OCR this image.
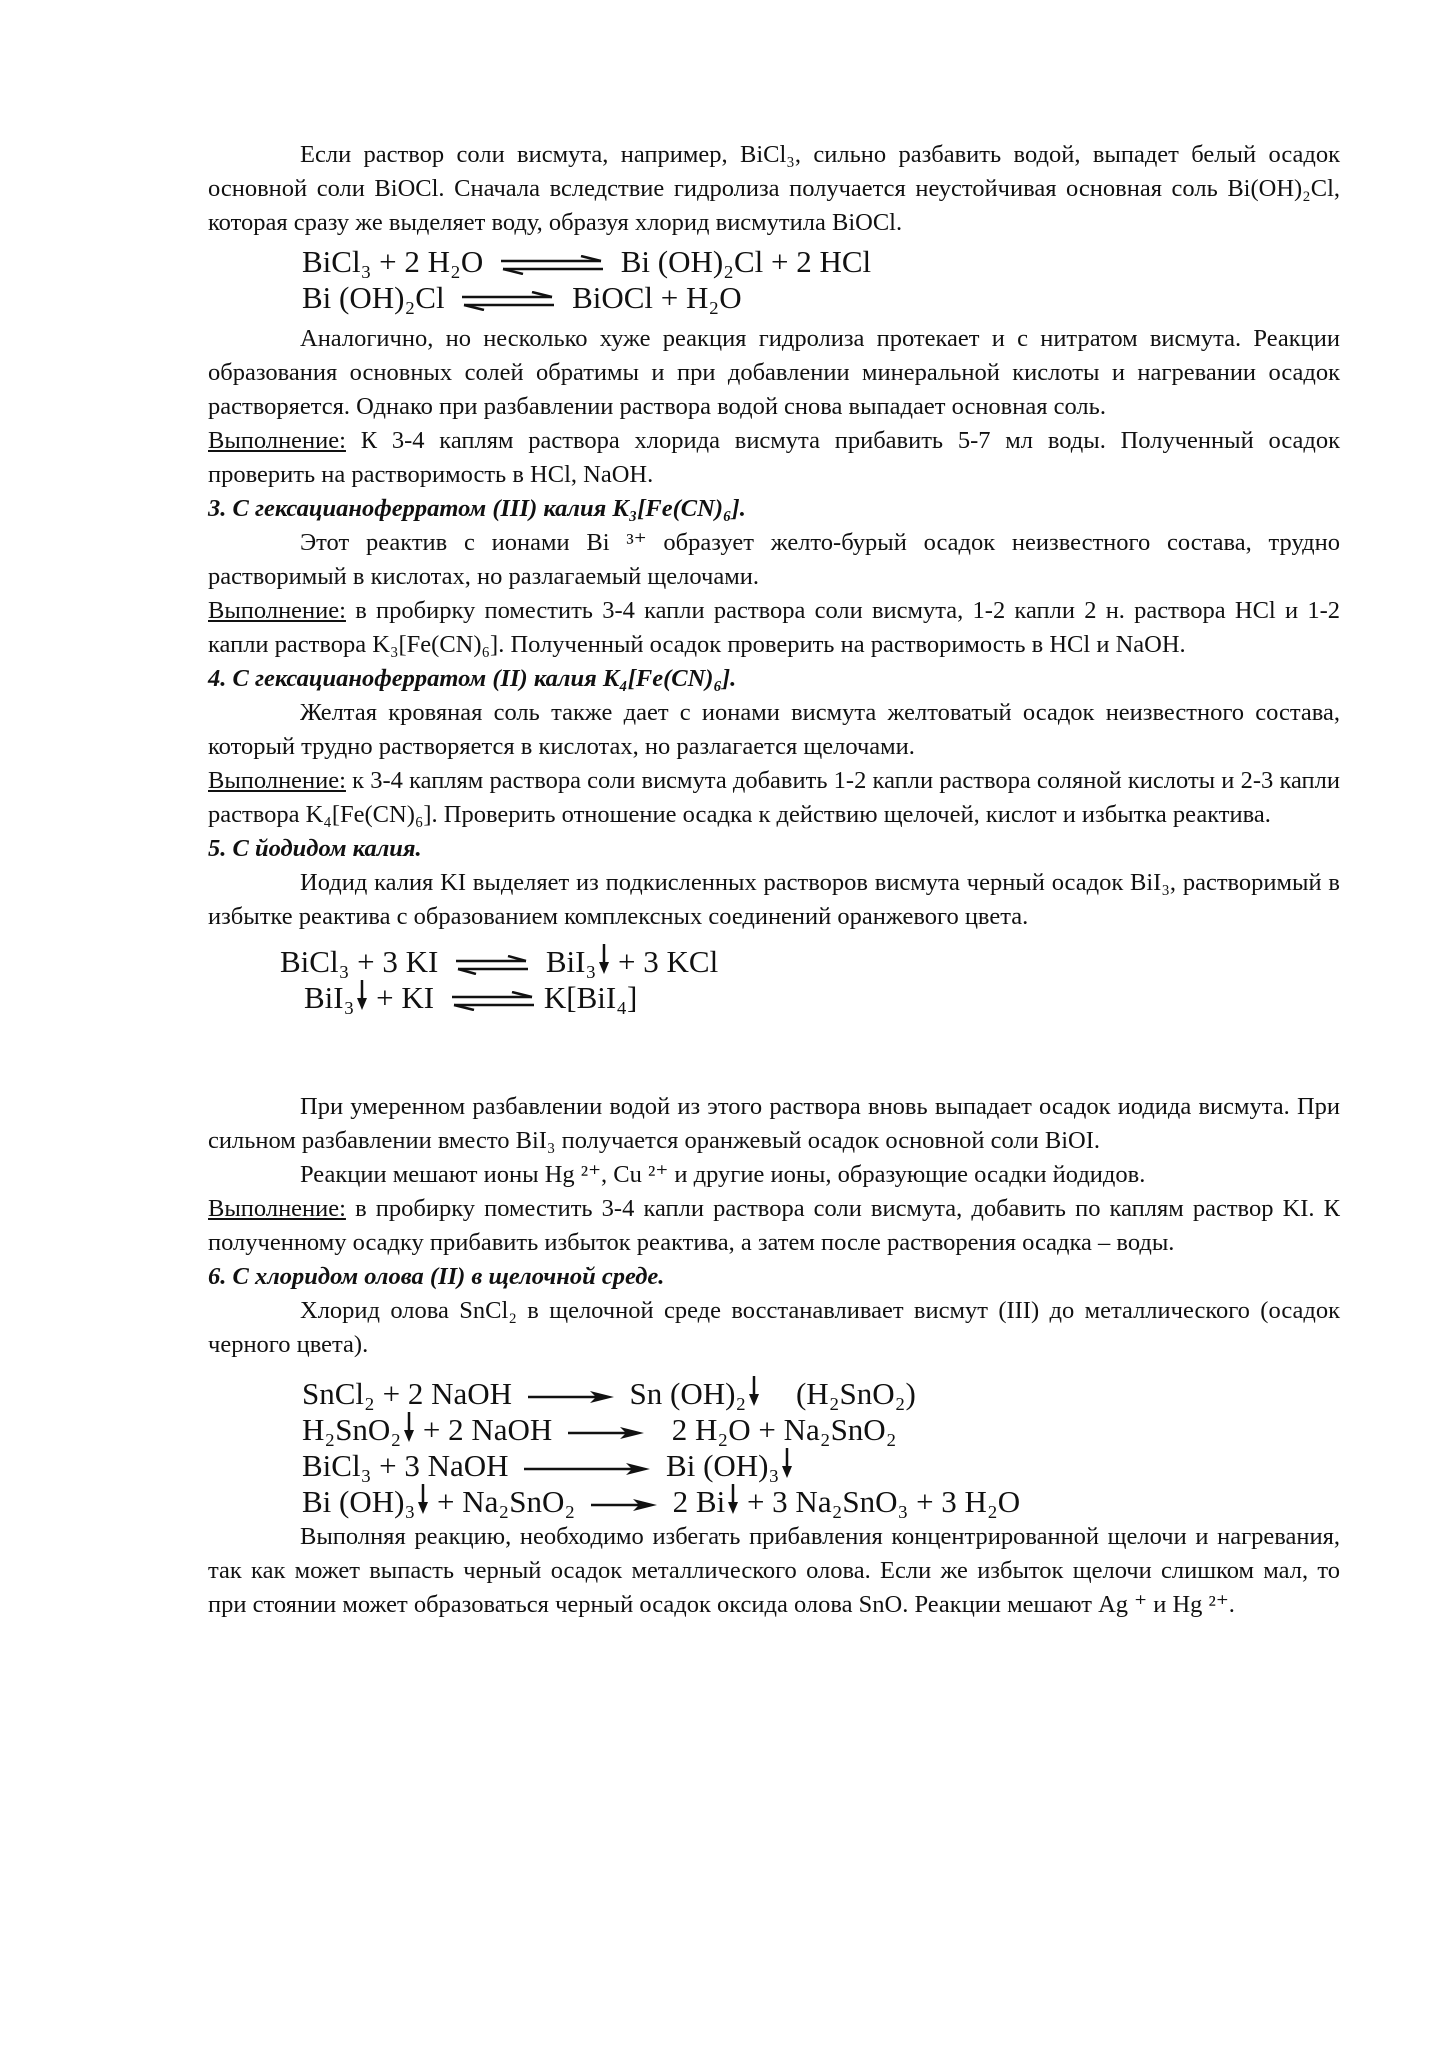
Если раствор соли висмута, например, BiCl₃, сильно разбавить водой, выпадет белый осадок основной соли BiOCl. Сначала вследствие гидролиза получается неустойчивая основная соль Bi(OH)₂Cl, которая сразу же выделяет воду, образуя хлорид висмутила BiOCl.

BiCl₃ + 2 H₂O ⇌ Bi (OH)₂Cl + 2 HCl
Bi (OH)₂Cl ⇌ BiOCl + H₂O

Аналогично, но несколько хуже реакция гидролиза протекает и с нитратом висмута. Реакции образования основных солей обратимы и при добавлении минеральной кислоты и нагревании осадок растворяется. Однако при разбавлении раствора водой снова выпадает основная соль.

Выполнение: К 3-4 каплям раствора хлорида висмута прибавить 5-7 мл воды. Полученный осадок проверить на растворимость в HCl, NaOH.

3. С гексацианоферратом (III) калия K₃[Fe(CN)₆].

Этот реактив с ионами Bi ³⁺ образует желто-бурый осадок неизвестного состава, трудно растворимый в кислотах, но разлагаемый щелочами.

Выполнение: в пробирку поместить 3-4 капли раствора соли висмута, 1-2 капли 2 н. раствора HCl и 1-2 капли раствора K₃[Fe(CN)₆]. Полученный осадок проверить на растворимость в HCl и NaOH.

4. С гексацианоферратом (II) калия K₄[Fe(CN)₆].

Желтая кровяная соль также дает с ионами висмута желтоватый осадок неизвестного состава, который трудно растворяется в кислотах, но разлагается щелочами.

Выполнение: к 3-4 каплям раствора соли висмута добавить 1-2 капли раствора соляной кислоты и 2-3 капли раствора K₄[Fe(CN)₆]. Проверить отношение осадка к действию щелочей, кислот и избытка реактива.

5. С йодидом калия.

Иодид калия KI выделяет из подкисленных растворов висмута черный осадок BiI₃, растворимый в избытке реактива с образованием комплексных соединений оранжевого цвета.

BiCl₃ + 3 KI ⇌ BiI₃ + 3 KCl
BiI₃ + KI ⇌ K[BiI₄]

При умеренном разбавлении водой из этого раствора вновь выпадает осадок иодида висмута. При сильном разбавлении вместо BiI₃ получается оранжевый осадок основной соли BiOI.

Реакции мешают ионы Hg ²⁺, Cu ²⁺ и другие ионы, образующие осадки йодидов.

Выполнение: в пробирку поместить 3-4 капли раствора соли висмута, добавить по каплям раствор KI. К полученному осадку прибавить избыток реактива, а затем после растворения осадка – воды.

6. С хлоридом олова (II) в щелочной среде.

Хлорид олова SnCl₂ в щелочной среде восстанавливает висмут (III) до металлического (осадок черного цвета).

SnCl₂ + 2 NaOH → Sn (OH)₂ (H₂SnO₂)
H₂SnO₂ + 2 NaOH → 2 H₂O + Na₂SnO₂
BiCl₃ + 3 NaOH	Bi (OH)₃
Bi (OH)₃ + Na₂SnO₂ → 2 Bi + 3 Na₂SnO₃ + 3 H₂O

Выполняя реакцию, необходимо избегать прибавления концентрированной щелочи и нагревания, так как может выпасть черный осадок металлического олова. Если же избыток щелочи слишком мал, то при стоянии может образоваться черный осадок оксида олова SnO. Реакции мешают Ag ⁺ и Hg ²⁺.
